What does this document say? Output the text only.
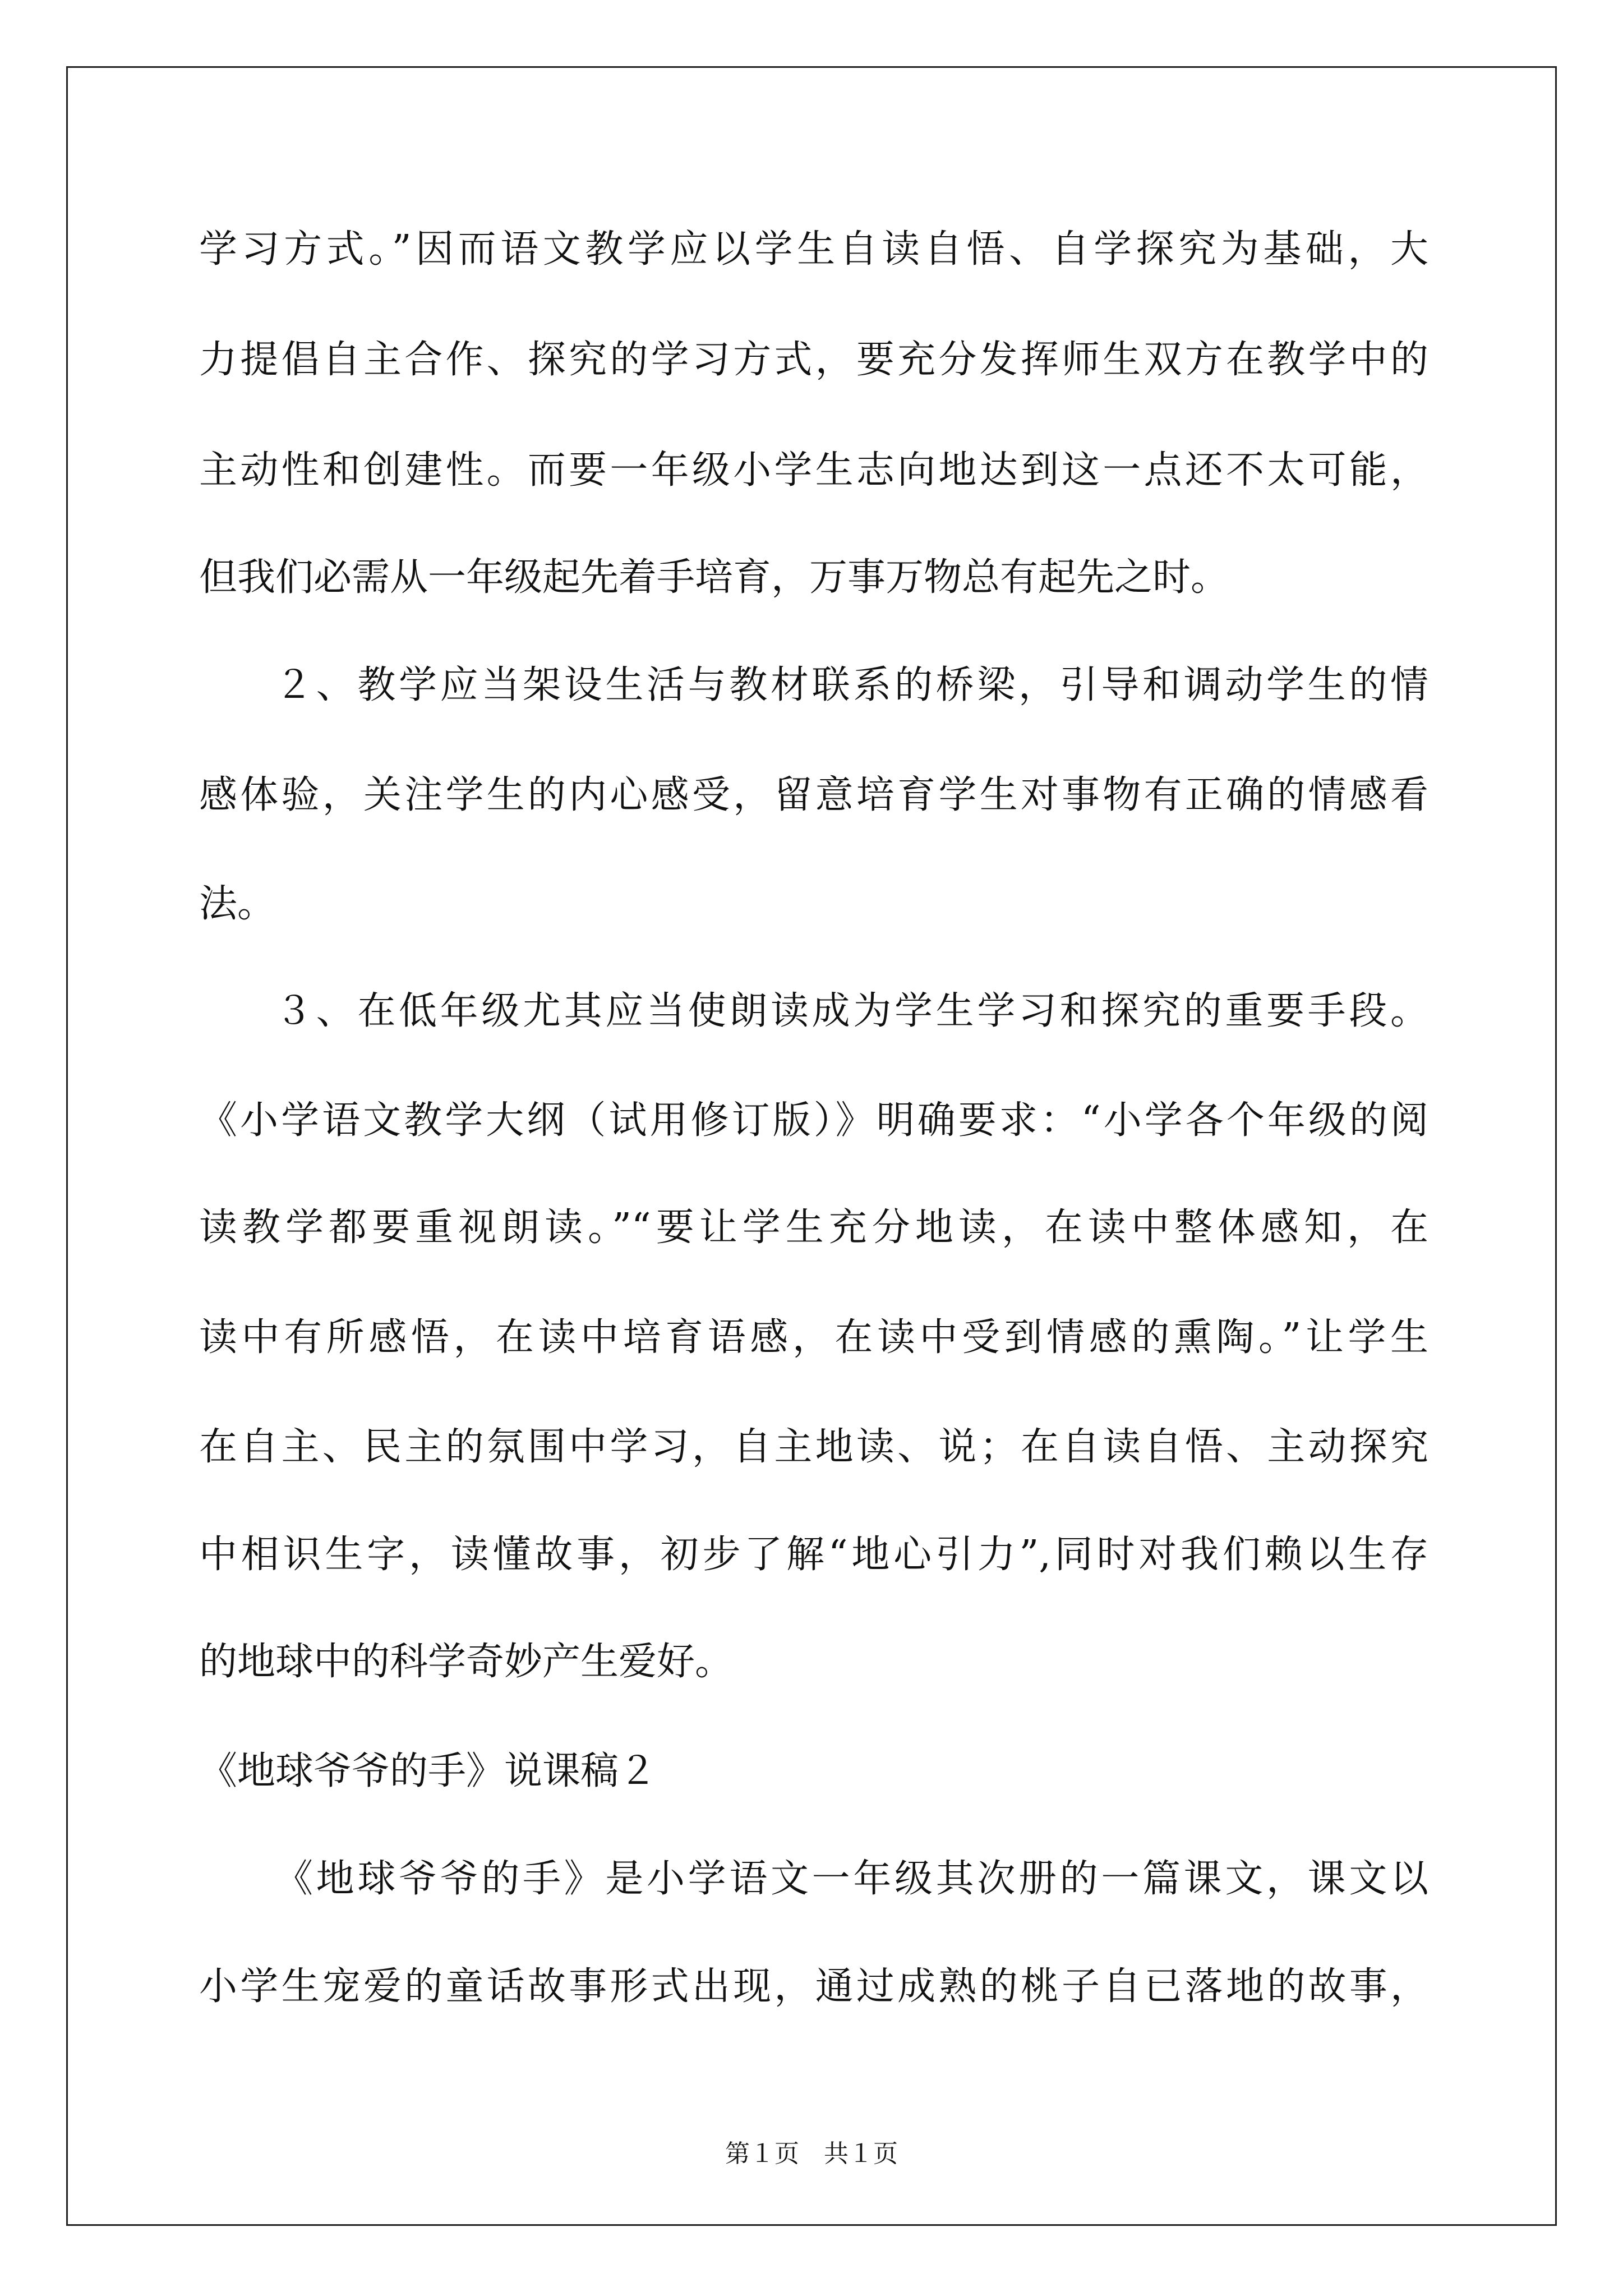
学习方式。”因而语文教学应以学生自读自悟、自学探究为基础，大
力提倡自主合作、探究的学习方式，要充分发挥师生双方在教学中的
主动性和创建性。而要一年级小学生志向地达到这一点还不太可能，
但我们必需从一年级起先着手培育，万事万物总有起先之时。
２、教学应当架设生活与教材联系的桥梁，引导和调动学生的情
感体验，关注学生的内心感受，留意培育学生对事物有正确的情感看
法。
３、在低年级尤其应当使朗读成为学生学习和探究的重要手段。
《小学语文教学大纲（试用修订版）》明确要求：“小学各个年级的阅
读教学都要重视朗读。”“要让学生充分地读，在读中整体感知，在
读中有所感悟，在读中培育语感，在读中受到情感的熏陶。”让学生
在自主、民主的氛围中学习，自主地读、说；在自读自悟、主动探究
中相识生字，读懂故事，初步了解“地心引力”,同时对我们赖以生存
的地球中的科学奇妙产生爱好。
《地球爷爷的手》说课稿２
《地球爷爷的手》是小学语文一年级其次册的一篇课文，课文以
小学生宠爱的童话故事形式出现，通过成熟的桃子自已落地的故事，
第１页　共１页
